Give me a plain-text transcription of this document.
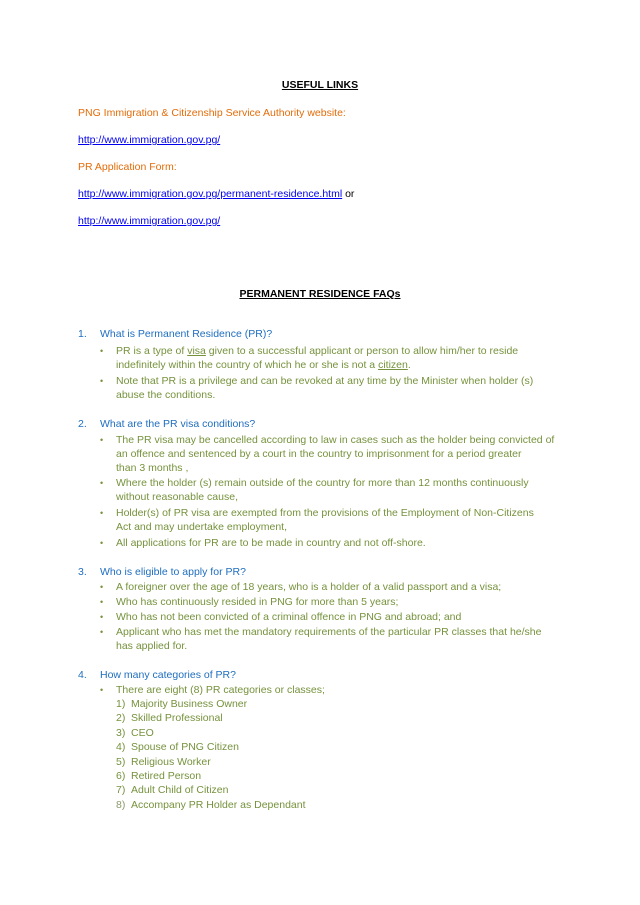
USEFUL LINKS
PNG Immigration & Citizenship Service Authority website:
http://www.immigration.gov.pg/
PR Application Form:
http://www.immigration.gov.pg/permanent-residence.html or
http://www.immigration.gov.pg/
PERMANENT RESIDENCE FAQs
1. What is Permanent Residence (PR)?
• PR is a type of visa given to a successful applicant or person to allow him/her to reside
indefinitely within the country of which he or she is not a citizen.
• Note that PR is a privilege and can be revoked at any time by the Minister when holder (s)
abuse the conditions.
2. What are the PR visa conditions?
• The PR visa may be cancelled according to law in cases such as the holder being convicted of
an offence and sentenced by a court in the country to imprisonment for a period greater
than 3 months ,
• Where the holder (s) remain outside of the country for more than 12 months continuously
without reasonable cause,
• Holder(s) of PR visa are exempted from the provisions of the Employment of Non-Citizens
Act and may undertake employment,
• All applications for PR are to be made in country and not off-shore.
3. Who is eligible to apply for PR?
• A foreigner over the age of 18 years, who is a holder of a valid passport and a visa;
• Who has continuously resided in PNG for more than 5 years;
• Who has not been convicted of a criminal offence in PNG and abroad; and
• Applicant who has met the mandatory requirements of the particular PR classes that he/she
has applied for.
4. How many categories of PR?
• There are eight (8) PR categories or classes;
1) Majority Business Owner
2) Skilled Professional
3) CEO
4) Spouse of PNG Citizen
5) Religious Worker
6) Retired Person
7) Adult Child of Citizen
8) Accompany PR Holder as Dependant
